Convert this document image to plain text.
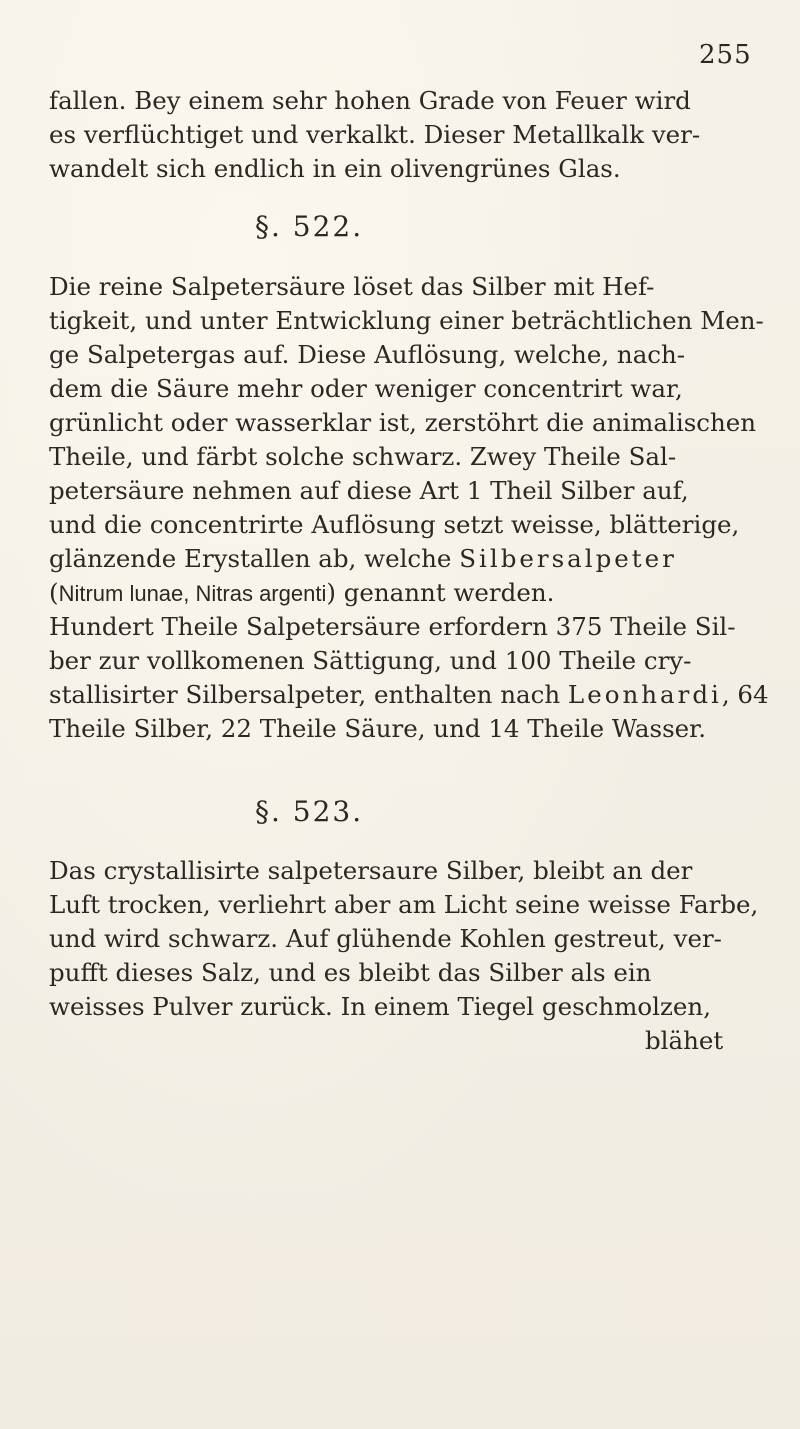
255
fallen. Bey einem sehr hohen Grade von Feuer wird
es verflüchtiget und verkalkt. Dieser Metallkalk ver-
wandelt sich endlich in ein olivengrünes Glas.
§. 522.
Die reine Salpetersäure löset das Silber mit Hef-
tigkeit, und unter Entwicklung einer beträchtlichen Men-
ge Salpetergas auf. Diese Auflösung, welche, nach-
dem die Säure mehr oder weniger concentrirt war,
grünlicht oder wasserklar ist, zerstöhrt die animalischen
Theile, und färbt solche schwarz. Zwey Theile Sal-
petersäure nehmen auf diese Art 1 Theil Silber auf,
und die concentrirte Auflösung setzt weisse, blätterige,
glänzende Erystallen ab, welche Silbersalpeter
(Nitrum lunae, Nitras argenti) genannt werden.
Hundert Theile Salpetersäure erfordern 375 Theile Sil-
ber zur vollkomenen Sättigung, und 100 Theile cry-
stallisirter Silbersalpeter, enthalten nach Leonhardi, 64
Theile Silber, 22 Theile Säure, und 14 Theile Wasser.
§. 523.
Das crystallisirte salpetersaure Silber, bleibt an der
Luft trocken, verliehrt aber am Licht seine weisse Farbe,
und wird schwarz. Auf glühende Kohlen gestreut, ver-
pufft dieses Salz, und es bleibt das Silber als ein
weisses Pulver zurück. In einem Tiegel geschmolzen,
blähet
